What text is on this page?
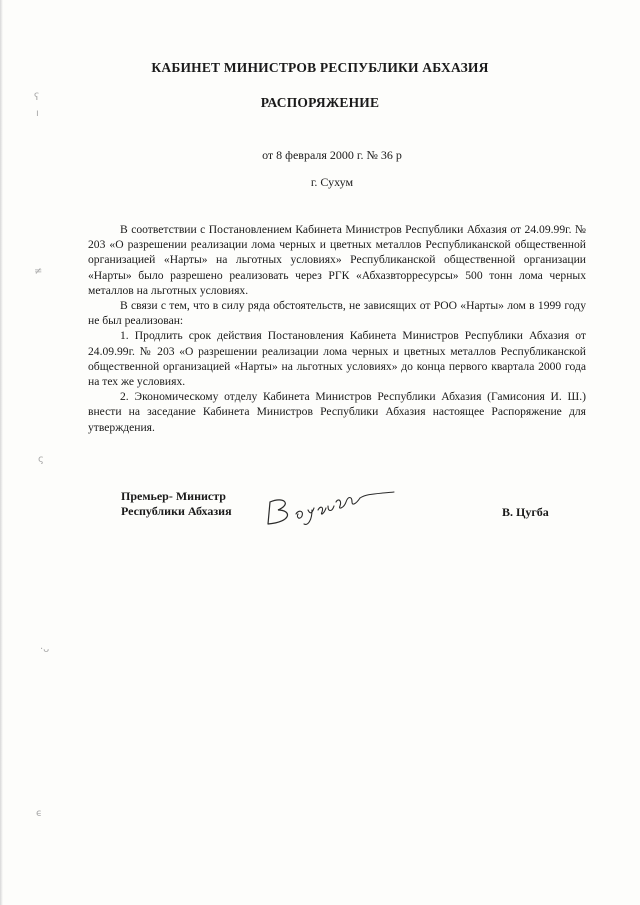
КАБИНЕТ МИНИСТРОВ РЕСПУБЛИКИ АБХАЗИЯ
РАСПОРЯЖЕНИЕ
от 8 февраля 2000 г. № 36 р
г. Сухум

В соответствии с Постановлением Кабинета Министров Республики Абхазия от 24.09.99г. № 203 «О разрешении реализации лома черных и цветных металлов Республиканской общественной организацией «Нарты» на льготных условиях» Республиканской общественной организации «Нарты» было разрешено реализовать через РГК «Абхазвторресурсы» 500 тонн лома черных металлов на льготных условиях.

В связи с тем, что в силу ряда обстоятельств, не зависящих от РОО «Нарты» лом в 1999 году не был реализован:

1. Продлить срок действия Постановления Кабинета Министров Республики Абхазия от 24.09.99г. № 203 «О разрешении реализации лома черных и цветных металлов Республиканской общественной организацией «Нарты» на льготных условиях» до конца первого квартала 2000 года на тех же условиях.

2. Экономическому отделу Кабинета Министров Республики Абхазия (Гамисония И. Ш.) внести на заседание Кабинета Министров Республики Абхазия настоящее Распоряжение для утверждения.

Премьер- Министр
Республики Абхазия	В. Цугба
ʕ
ı
≠
ς
·ᴗ
ϵ
